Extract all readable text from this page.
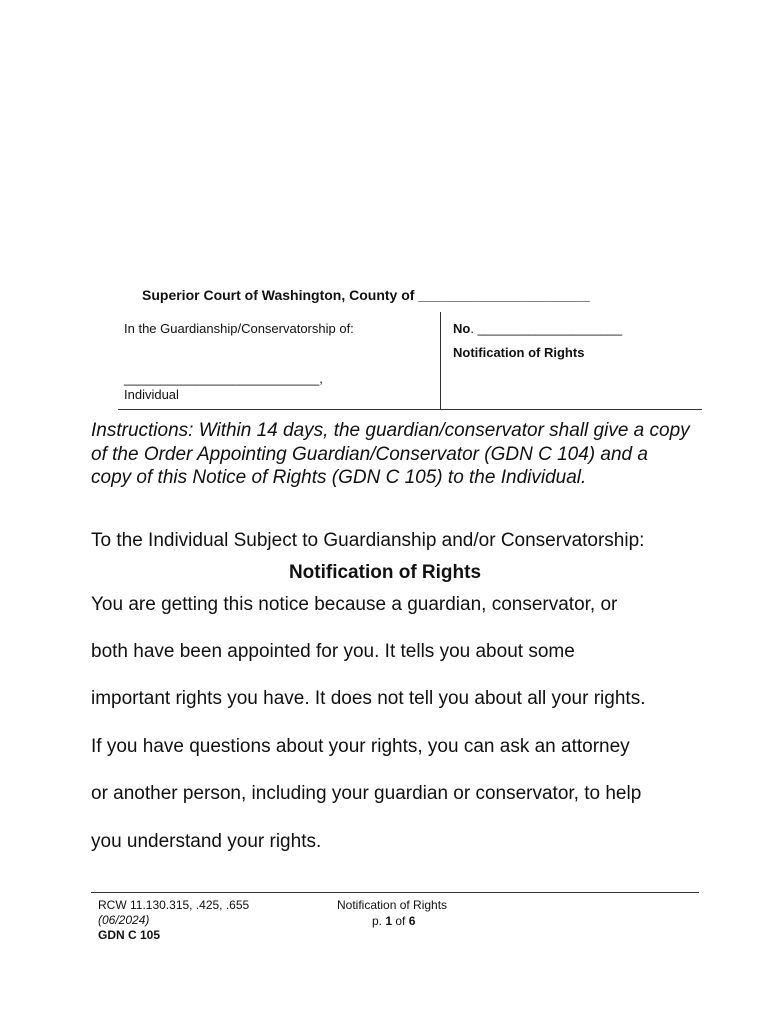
Superior Court of Washington, County of ______________________
In the Guardianship/Conservatorship of:	No. ____________________
Notification of Rights
___________________________,
Individual
Instructions: Within 14 days, the guardian/conservator shall give a copy of the Order Appointing Guardian/Conservator (GDN C 104) and a copy of this Notice of Rights (GDN C 105) to the Individual.
To the Individual Subject to Guardianship and/or Conservatorship:
Notification of Rights
You are getting this notice because a guardian, conservator, or
both have been appointed for you. It tells you about some
important rights you have. It does not tell you about all your rights.
If you have questions about your rights, you can ask an attorney
or another person, including your guardian or conservator, to help
you understand your rights.
RCW 11.130.315, .425, .655
(06/2024)
GDN C 105
Notification of Rights
p. 1 of 6
